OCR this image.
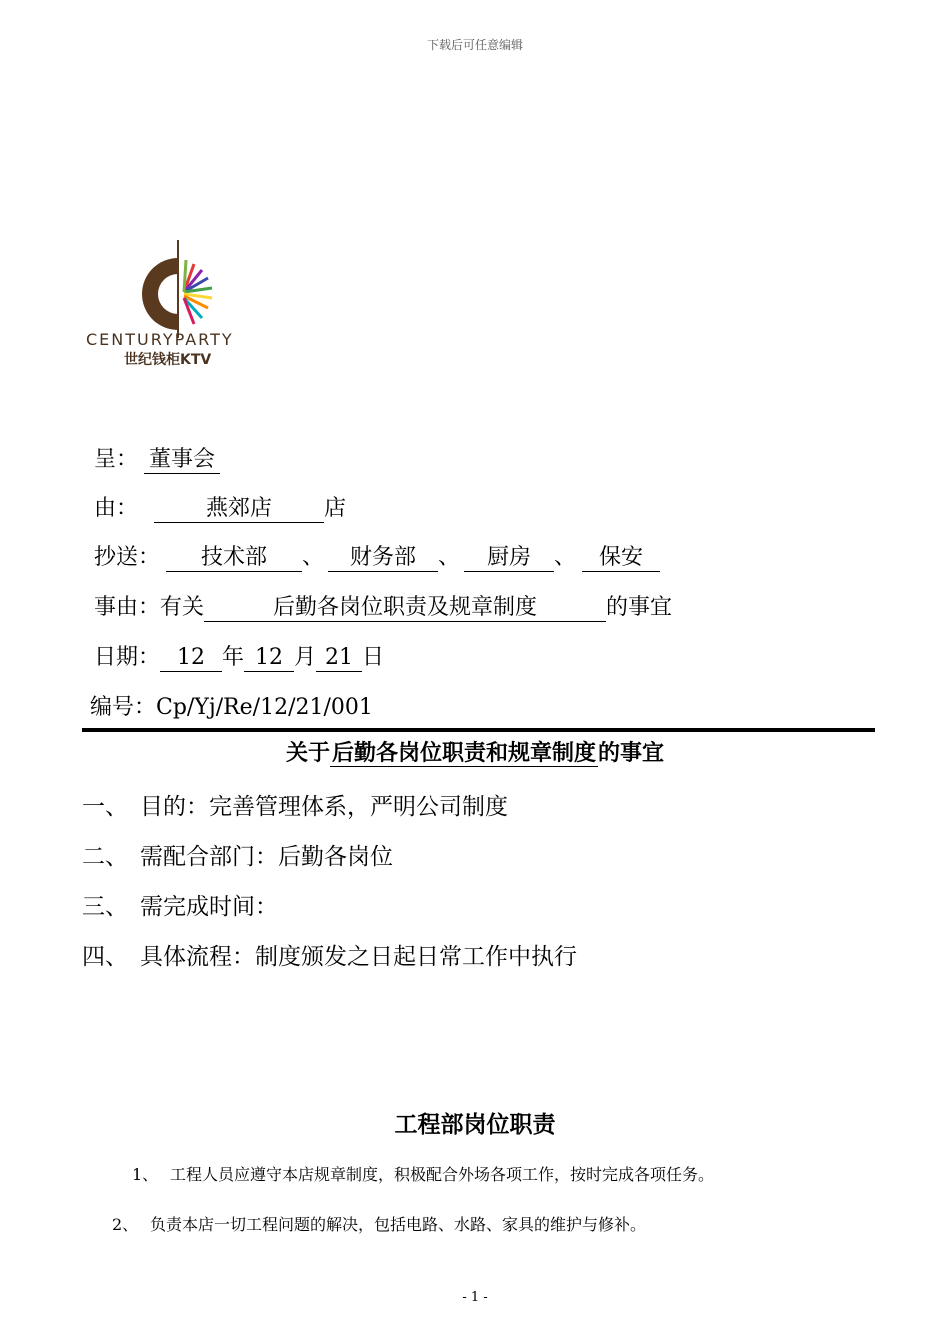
下载后可任意编辑
CENTURYPARTY
世纪钱柜KTV
呈： 董事会
由：	燕郊店 店
抄送： 技术部 、 财务部 、 厨房 、 保安
事由：有关	后勤各岗位职责及规章制度	的事宜
日期： 12 年 12 月 21 日
编号：Cp/Yj/Re/12/21/001
关于后勤各岗位职责和规章制度的事宜
一、 目的：完善管理体系，严明公司制度
二、 需配合部门：后勤各岗位
三、 需完成时间：
四、 具体流程：制度颁发之日起日常工作中执行
工程部岗位职责
1、 工程人员应遵守本店规章制度，积极配合外场各项工作，按时完成各项任务。
2、 负责本店一切工程问题的解决，包括电路、水路、家具的维护与修补。
- 1 -
